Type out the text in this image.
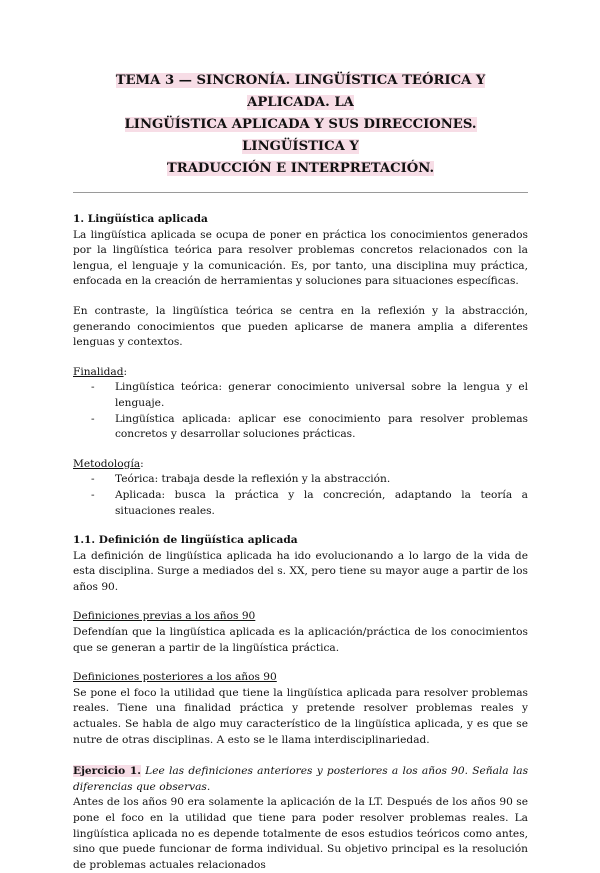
TEMA 3 — SINCRONÍA. LINGÜÍSTICA TEÓRICA Y APLICADA. LA
LINGÜÍSTICA APLICADA Y SUS DIRECCIONES. LINGÜÍSTICA Y
TRADUCCIÓN E INTERPRETACIÓN.

1. Lingüística aplicada

La lingüística aplicada se ocupa de poner en práctica los conocimientos generados por la lingüística teórica para resolver problemas concretos relacionados con la lengua, el lenguaje y la comunicación. Es, por tanto, una disciplina muy práctica, enfocada en la creación de herramientas y soluciones para situaciones específicas.

En contraste, la lingüística teórica se centra en la reflexión y la abstracción, generando conocimientos que pueden aplicarse de manera amplia a diferentes lenguas y contextos.

Finalidad:

- Lingüística teórica: generar conocimiento universal sobre la lengua y el lenguaje.
- Lingüística aplicada: aplicar ese conocimiento para resolver problemas concretos y desarrollar soluciones prácticas.

Metodología:

- Teórica: trabaja desde la reflexión y la abstracción.
- Aplicada: busca la práctica y la concreción, adaptando la teoría a situaciones reales.

1.1. Definición de lingüística aplicada

La definición de lingüística aplicada ha ido evolucionando a lo largo de la vida de esta disciplina. Surge a mediados del s. XX, pero tiene su mayor auge a partir de los años 90.

Definiciones previas a los años 90

Defendían que la lingüística aplicada es la aplicación/práctica de los conocimientos que se generan a partir de la lingüística práctica.

Definiciones posteriores a los años 90

Se pone el foco la utilidad que tiene la lingüística aplicada para resolver problemas reales. Tiene una finalidad práctica y pretende resolver problemas reales y actuales. Se habla de algo muy característico de la lingüística aplicada, y es que se nutre de otras disciplinas. A esto se le llama interdisciplinariedad.

Ejercicio 1. Lee las definiciones anteriores y posteriores a los años 90. Señala las diferencias que observas.

Antes de los años 90 era solamente la aplicación de la LT. Después de los años 90 se pone el foco en la utilidad que tiene para poder resolver problemas reales. La lingüística aplicada no es depende totalmente de esos estudios teóricos como antes, sino que puede funcionar de forma individual. Su objetivo principal es la resolución de problemas actuales relacionados
